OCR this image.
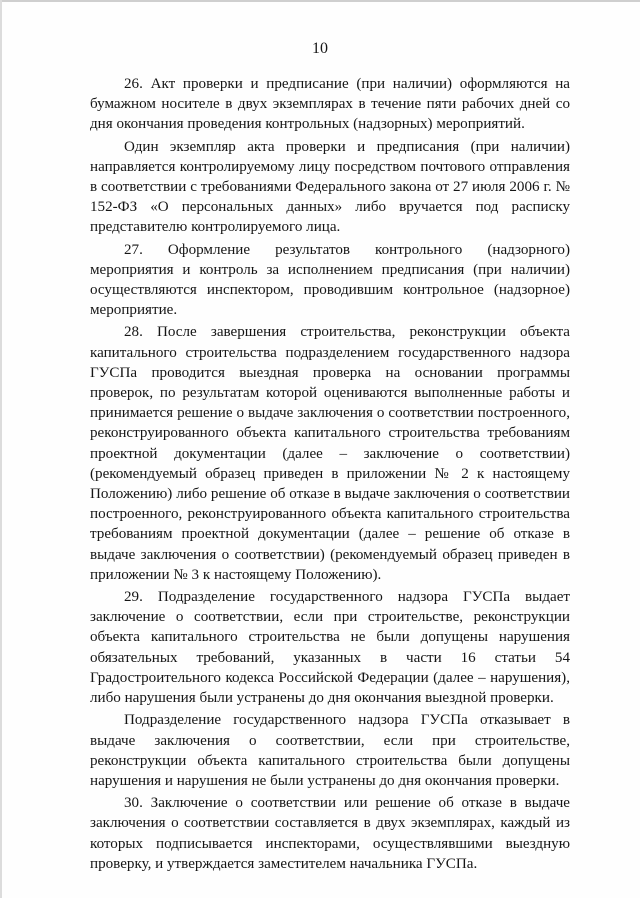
10

26. Акт проверки и предписание (при наличии) оформляются на бумажном носителе в двух экземплярах в течение пяти рабочих дней со дня окончания проведения контрольных (надзорных) мероприятий.

Один экземпляр акта проверки и предписания (при наличии) направляется контролируемому лицу посредством почтового отправления в соответствии с требованиями Федерального закона от 27 июля 2006 г. № 152-ФЗ «О персональных данных» либо вручается под расписку представителю контролируемого лица.

27. Оформление результатов контрольного (надзорного) мероприятия и контроль за исполнением предписания (при наличии) осуществляются инспектором, проводившим контрольное (надзорное) мероприятие.

28. После завершения строительства, реконструкции объекта капитального строительства подразделением государственного надзора ГУСПа проводится выездная проверка на основании программы проверок, по результатам которой оцениваются выполненные работы и принимается решение о выдаче заключения о соответствии построенного, реконструированного объекта капитального строительства требованиям проектной документации (далее – заключение о соответствии) (рекомендуемый образец приведен в приложении № 2 к настоящему Положению) либо решение об отказе в выдаче заключения о соответствии построенного, реконструированного объекта капитального строительства требованиям проектной документации (далее – решение об отказе в выдаче заключения о соответствии) (рекомендуемый образец приведен в приложении № 3 к настоящему Положению).

29. Подразделение государственного надзора ГУСПа выдает заключение о соответствии, если при строительстве, реконструкции объекта капитального строительства не были допущены нарушения обязательных требований, указанных в части 16 статьи 54 Градостроительного кодекса Российской Федерации (далее – нарушения), либо нарушения были устранены до дня окончания выездной проверки.

Подразделение государственного надзора ГУСПа отказывает в выдаче заключения о соответствии, если при строительстве, реконструкции объекта капитального строительства были допущены нарушения и нарушения не были устранены до дня окончания проверки.

30. Заключение о соответствии или решение об отказе в выдаче заключения о соответствии составляется в двух экземплярах, каждый из которых подписывается инспекторами, осуществлявшими выездную проверку, и утверждается заместителем начальника ГУСПа.
